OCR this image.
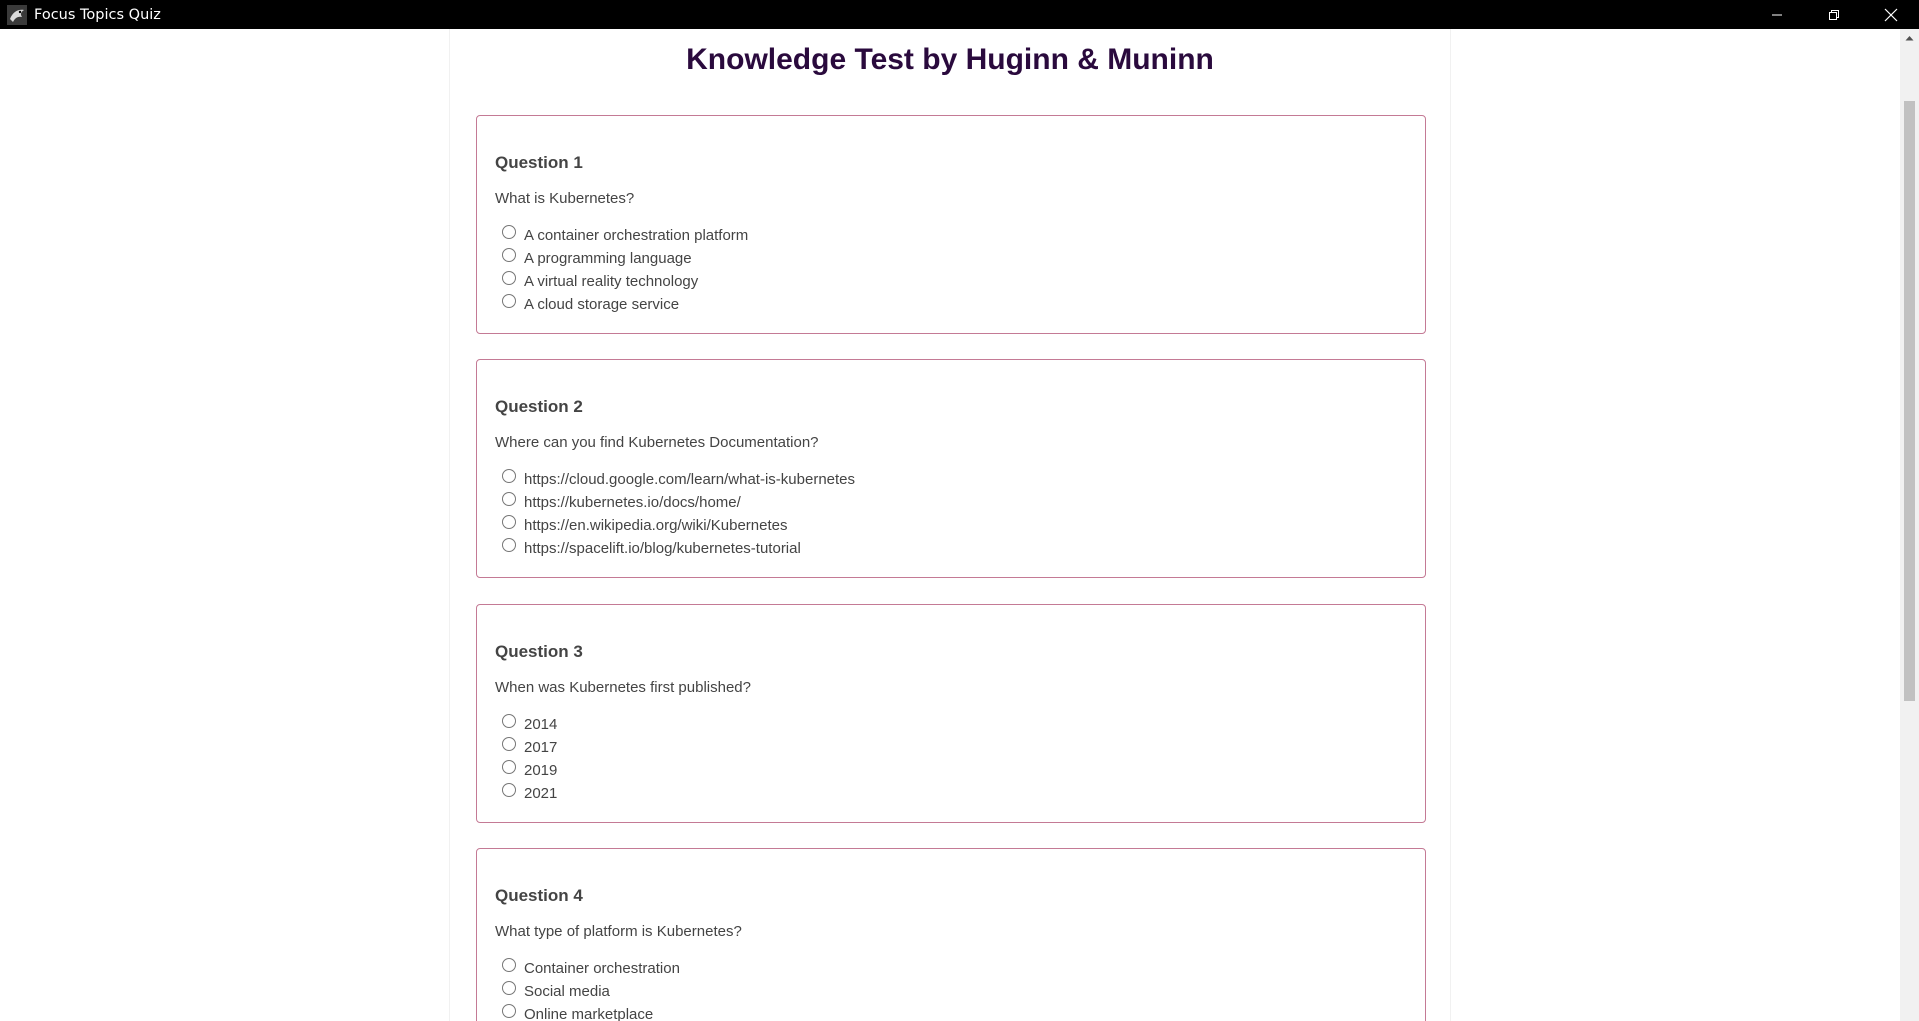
Focus Topics Quiz
Knowledge Test by Huginn & Muninn
Question 1
What is Kubernetes?
A container orchestration platform
A programming language
A virtual reality technology
A cloud storage service
Question 2
Where can you find Kubernetes Documentation?
https://cloud.google.com/learn/what-is-kubernetes
https://kubernetes.io/docs/home/
https://en.wikipedia.org/wiki/Kubernetes
https://spacelift.io/blog/kubernetes-tutorial
Question 3
When was Kubernetes first published?
2014
2017
2019
2021
Question 4
What type of platform is Kubernetes?
Container orchestration
Social media
Online marketplace
